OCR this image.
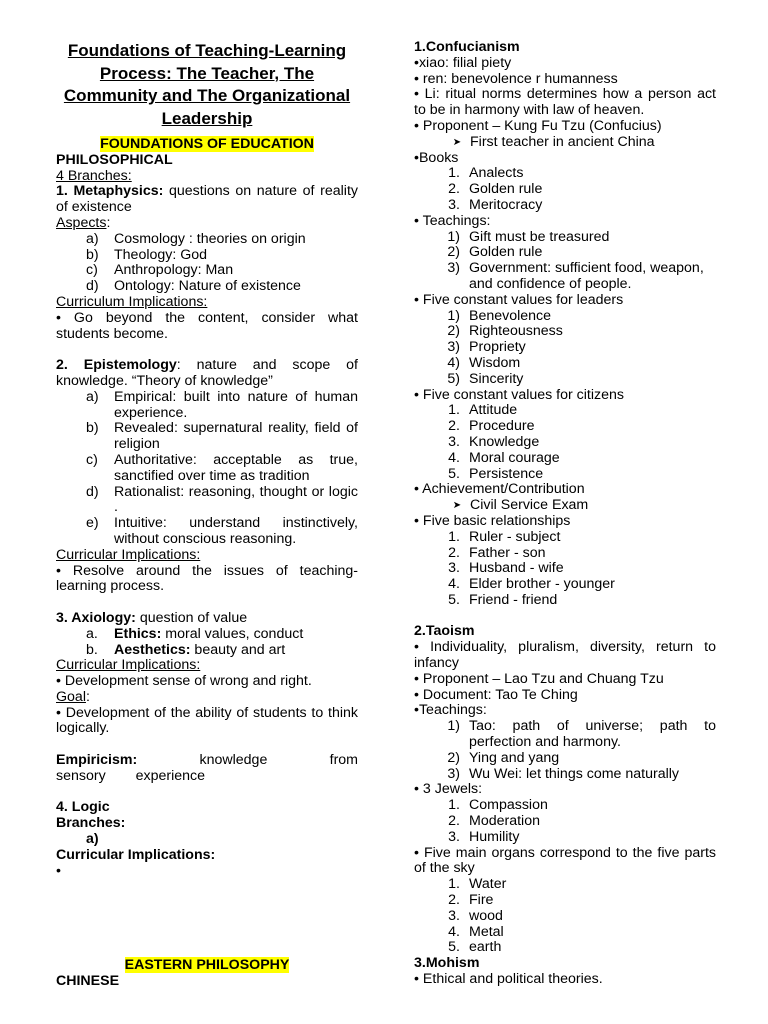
Foundations of Teaching-Learning Process: The Teacher, The Community and The Organizational Leadership
FOUNDATIONS OF EDUCATION
PHILOSOPHICAL
4 Branches:
1. Metaphysics: questions on nature of reality of existence
Aspects:
a)	Cosmology : theories on origin
b)	Theology: God
c)	Anthropology: Man
d)	Ontology: Nature of existence
Curriculum Implications:
• Go beyond the content, consider what students become.
2. Epistemology: nature and scope of knowledge. “Theory of knowledge”
a)	Empirical: built into nature of human experience.
b)	Revealed: supernatural reality, field of religion
c)	Authoritative: acceptable as true, sanctified over time as tradition
d)	Rationalist: reasoning, thought or logic .
e)	Intuitive: understand instinctively, without conscious reasoning.
Curricular Implications:
• Resolve around the issues of teaching-learning process.
3. Axiology: question of value
a.	Ethics: moral values, conduct
b.	Aesthetics: beauty and art
Curricular Implications:
• Development sense of wrong and right.
Goal:
• Development of the ability of students to think logically.
Empiricism: knowledge from sensory experience
4. Logic
Branches:
a)
Curricular Implications:
•
EASTERN PHILOSOPHY
CHINESE
1.Confucianism
•xiao: filial piety
• ren: benevolence r humanness
• Li: ritual norms determines how a person act to be in harmony with law of heaven.
• Proponent – Kung Fu Tzu (Confucius)
➤ First teacher in ancient China
•Books
1. Analects
2. Golden rule
3. Meritocracy
• Teachings:
1) Gift must be treasured
2) Golden rule
3) Government: sufficient food, weapon, and confidence of people.
• Five constant values for leaders
1) Benevolence
2) Righteousness
3) Propriety
4) Wisdom
5) Sincerity
• Five constant values for citizens
1. Attitude
2. Procedure
3. Knowledge
4. Moral courage
5. Persistence
• Achievement/Contribution
➤ Civil Service Exam
• Five basic relationships
1. Ruler - subject
2. Father - son
3. Husband - wife
4. Elder brother - younger
5. Friend - friend
2.Taoism
• Individuality, pluralism, diversity, return to infancy
• Proponent – Lao Tzu and Chuang Tzu
• Document: Tao Te Ching
•Teachings:
1) Tao: path of universe; path to perfection and harmony.
2) Ying and yang
3) Wu Wei: let things come naturally
• 3 Jewels:
1. Compassion
2. Moderation
3. Humility
• Five main organs correspond to the five parts of the sky
1. Water
2. Fire
3. wood
4. Metal
5. earth
3.Mohism
• Ethical and political theories.
